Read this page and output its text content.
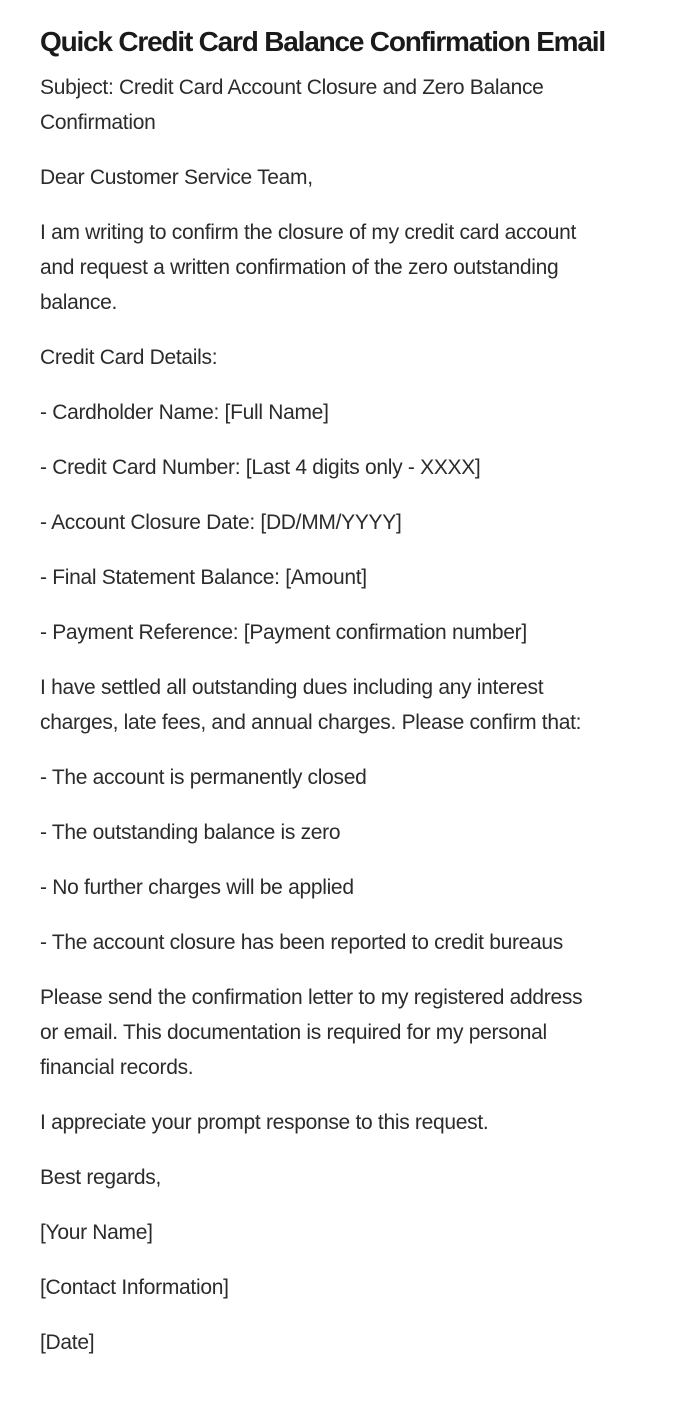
Quick Credit Card Balance Confirmation Email

Subject: Credit Card Account Closure and Zero Balance
Confirmation

Dear Customer Service Team,

I am writing to confirm the closure of my credit card account
and request a written confirmation of the zero outstanding
balance.

Credit Card Details:

- Cardholder Name: [Full Name]

- Credit Card Number: [Last 4 digits only - XXXX]

- Account Closure Date: [DD/MM/YYYY]

- Final Statement Balance: [Amount]

- Payment Reference: [Payment confirmation number]

I have settled all outstanding dues including any interest
charges, late fees, and annual charges. Please confirm that:

- The account is permanently closed

- The outstanding balance is zero

- No further charges will be applied

- The account closure has been reported to credit bureaus

Please send the confirmation letter to my registered address
or email. This documentation is required for my personal
financial records.

I appreciate your prompt response to this request.

Best regards,

[Your Name]

[Contact Information]

[Date]
